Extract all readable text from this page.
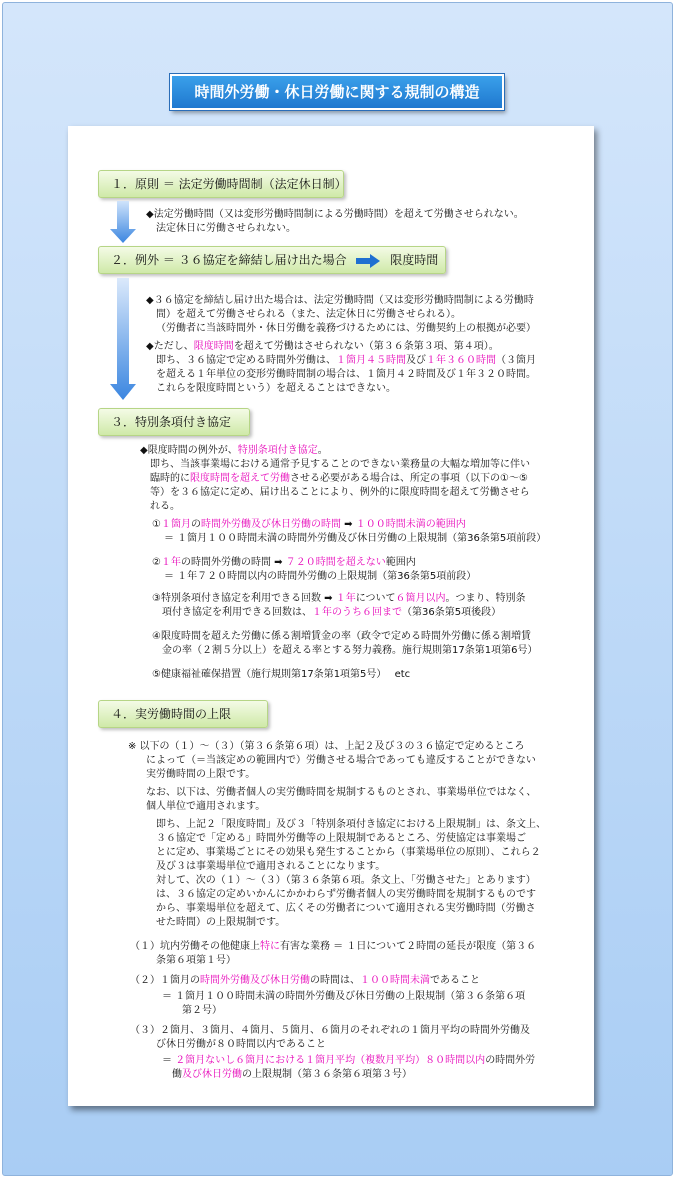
時間外労働・休日労働に関する規制の構造
１．原則 ＝ 法定労働時間制（法定休日制）
◆法定労働時間（又は変形労働時間制による労働時間）を超えて労働させられない。
法定休日に労働させられない。
２．例外 ＝ ３６協定を締結し届け出た場合	限度時間
◆３６協定を締結し届け出た場合は、法定労働時間（又は変形労働時間制による労働時
間）を超えて労働させられる（また、法定休日に労働させられる）。
（労働者に当該時間外・休日労働を義務づけるためには、労働契約上の根拠が必要）
◆ただし、限度時間を超えて労働はさせられない（第３６条第３項、第４項）。
即ち、３６協定で定める時間外労働は、１箇月４５時間及び１年３６０時間（３箇月
を超える１年単位の変形労働時間制の場合は、１箇月４２時間及び１年３２０時間。
これらを限度時間という）を超えることはできない。
３．特別条項付き協定
◆限度時間の例外が、特別条項付き協定。
即ち、当該事業場における通常予見することのできない業務量の大幅な増加等に伴い
臨時的に限度時間を超えて労働させる必要がある場合は、所定の事項（以下の①～⑤
等）を３６協定に定め、届け出ることにより、例外的に限度時間を超えて労働させら
れる。
①１箇月の時間外労働及び休日労働の時間 ➡ １００時間未満の範囲内
＝ １箇月１００時間未満の時間外労働及び休日労働の上限規制（第36条第5項前段）
②１年の時間外労働の時間 ➡ ７２０時間を超えない範囲内
＝ １年７２０時間以内の時間外労働の上限規制（第36条第5項前段）
③特別条項付き協定を利用できる回数 ➡ １年について６箇月以内。つまり、特別条
項付き協定を利用できる回数は、１年のうち６回まで（第36条第5項後段）
④限度時間を超えた労働に係る割増賃金の率（政令で定める時間外労働に係る割増賃
金の率（２割５分以上）を超える率とする努力義務。施行規則第17条第1項第6号）
⑤健康福祉確保措置（施行規則第17条第1項第5号）　 etc
４．実労働時間の上限
※ 以下の（１）～（３）（第３６条第６項）は、上記２及び３の３６協定で定めるところ
によって（＝当該定めの範囲内で）労働させる場合であっても違反することができない
実労働時間の上限です。
なお、以下は、労働者個人の実労働時間を規制するものとされ、事業場単位ではなく、
個人単位で適用されます。
即ち、上記２「限度時間」及び３「特別条項付き協定における上限規制」は、条文上、
３６協定で「定める」時間外労働等の上限規制であるところ、労使協定は事業場ご
とに定め、事業場ごとにその効果も発生することから（事業場単位の原則）、これら２
及び３は事業場単位で適用されることになります。
対して、次の（１）～（３）（第３６条第６項。条文上、「労働させた」とあります）
は、３６協定の定めいかんにかかわらず労働者個人の実労働時間を規制するものです
から、事業場単位を超えて、広くその労働者について適用される実労働時間（労働さ
せた時間）の上限規制です。
（１）坑内労働その他健康上特に有害な業務 ＝ １日について２時間の延長が限度（第３６
条第６項第１号）
（２）１箇月の時間外労働及び休日労働の時間は、１００時間未満であること
＝ １箇月１００時間未満の時間外労働及び休日労働の上限規制（第３６条第６項
第２号）
（３）２箇月、３箇月、４箇月、５箇月、６箇月のそれぞれの１箇月平均の時間外労働及
び休日労働が８０時間以内であること
＝ ２箇月ないし６箇月における１箇月平均（複数月平均）８０時間以内の時間外労
働及び休日労働の上限規制（第３６条第６項第３号）
